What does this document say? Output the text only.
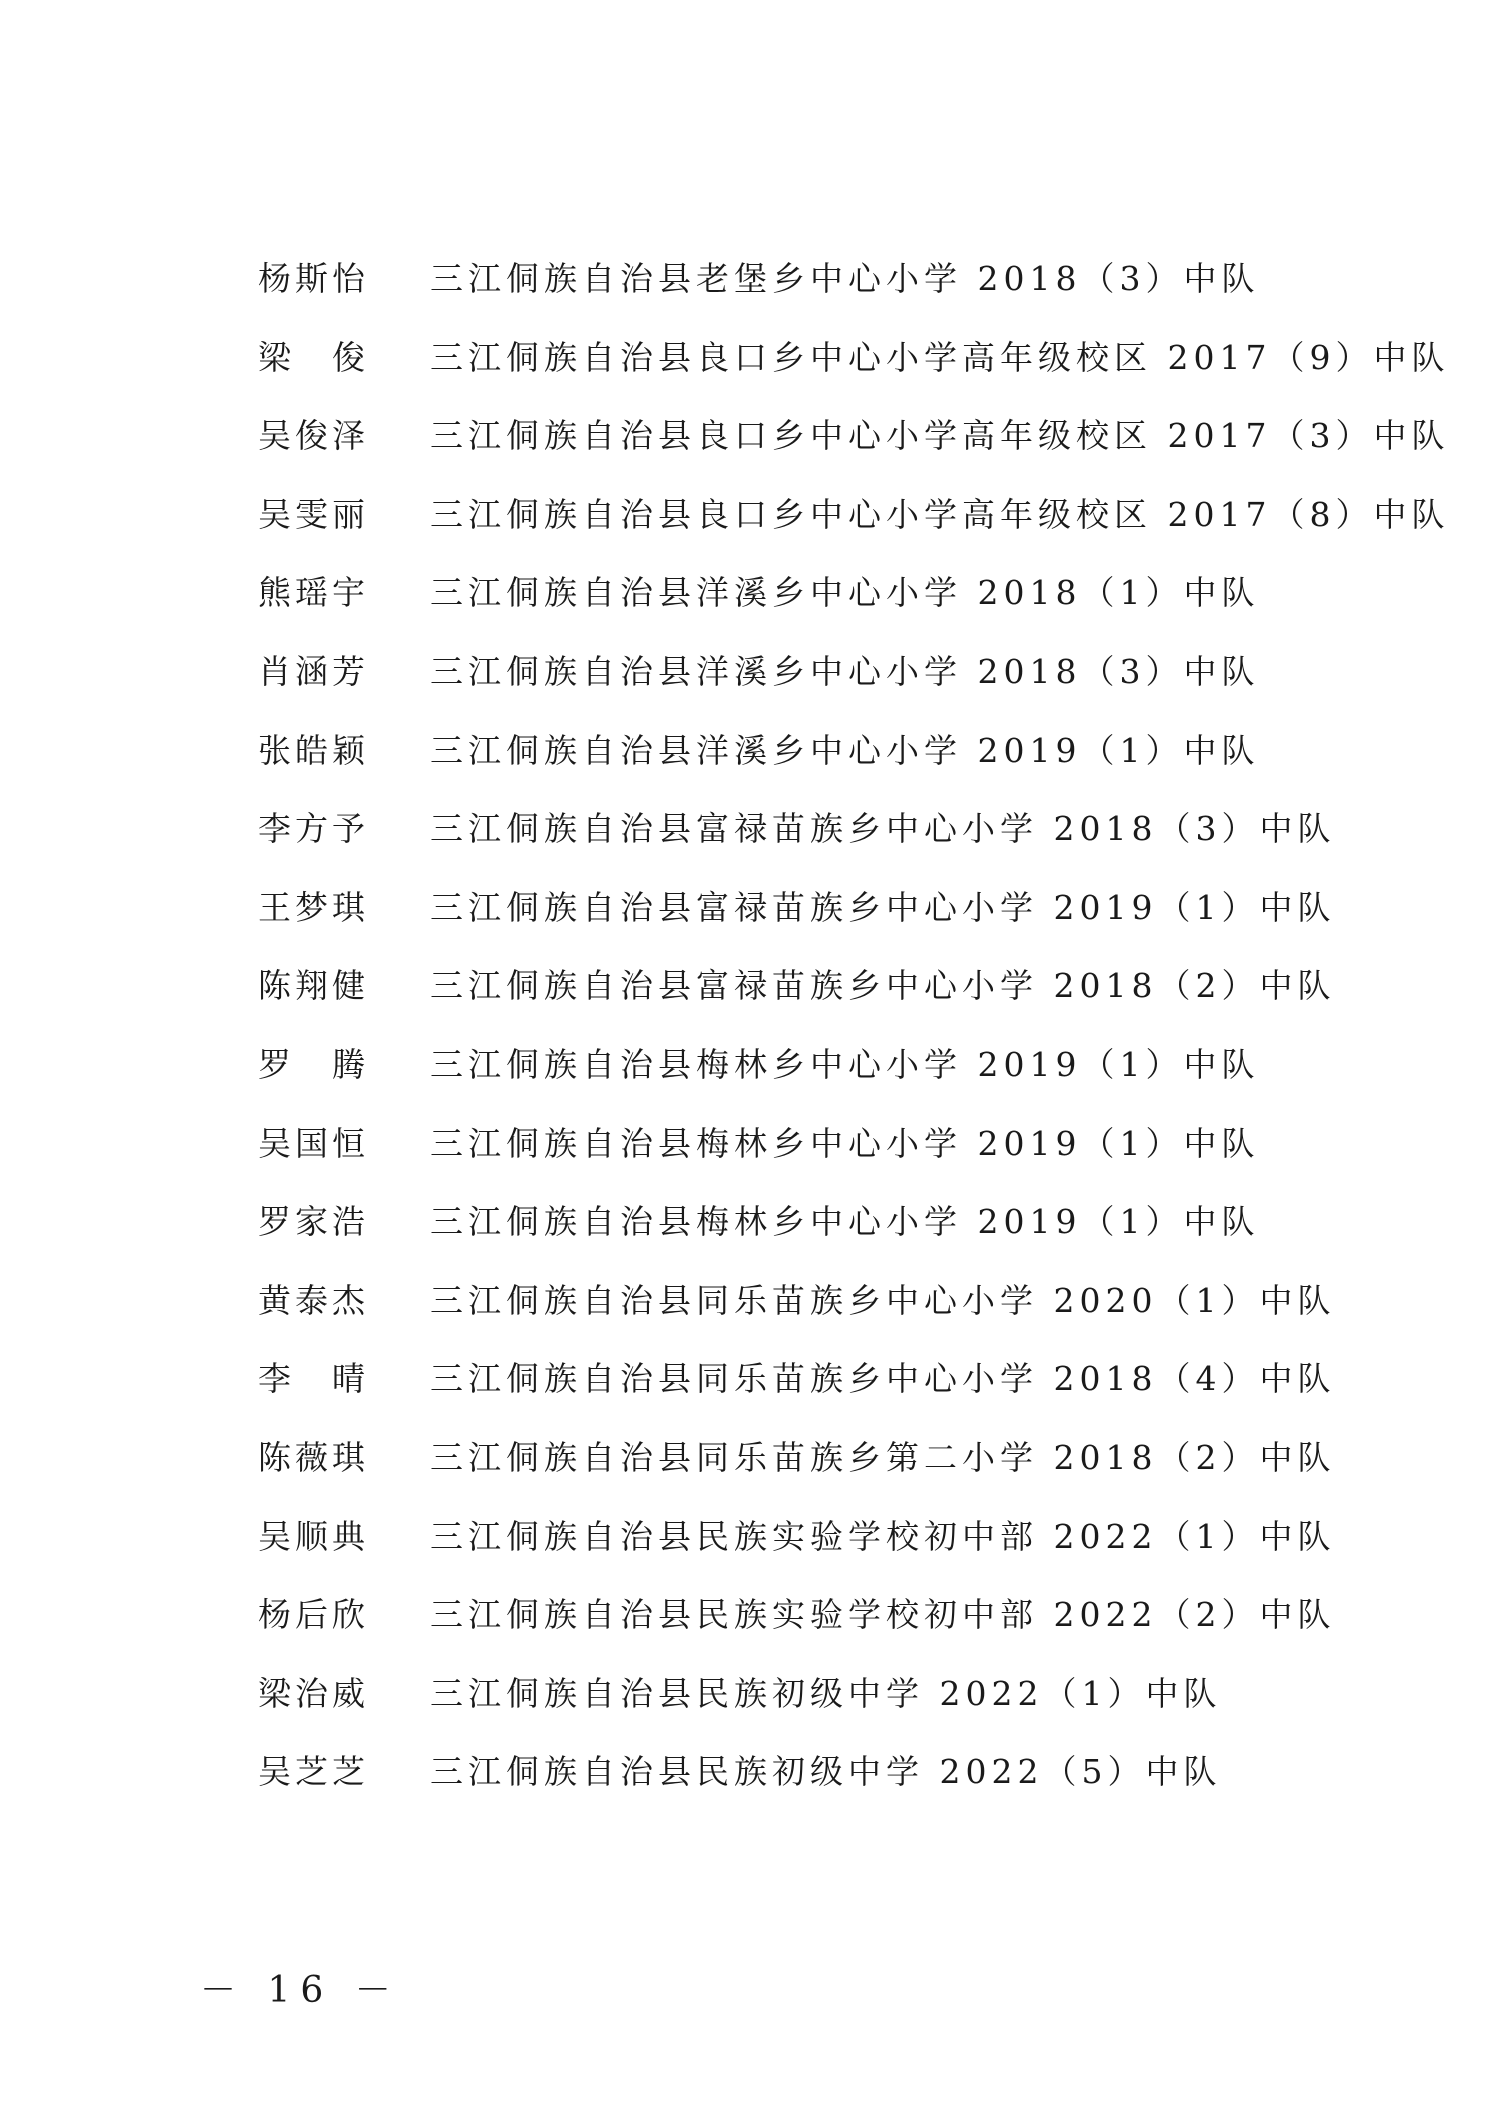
杨斯怡	三江侗族自治县老堡乡中心小学 2018（3）中队
梁　俊	三江侗族自治县良口乡中心小学高年级校区 2017（9）中队
吴俊泽	三江侗族自治县良口乡中心小学高年级校区 2017（3）中队
吴雯丽	三江侗族自治县良口乡中心小学高年级校区 2017（8）中队
熊瑶宇	三江侗族自治县洋溪乡中心小学 2018（1）中队
肖涵芳	三江侗族自治县洋溪乡中心小学 2018（3）中队
张皓颖	三江侗族自治县洋溪乡中心小学 2019（1）中队
李方予	三江侗族自治县富禄苗族乡中心小学 2018（3）中队
王梦琪	三江侗族自治县富禄苗族乡中心小学 2019（1）中队
陈翔健	三江侗族自治县富禄苗族乡中心小学 2018（2）中队
罗　腾	三江侗族自治县梅林乡中心小学 2019（1）中队
吴国恒	三江侗族自治县梅林乡中心小学 2019（1）中队
罗家浩	三江侗族自治县梅林乡中心小学 2019（1）中队
黄泰杰	三江侗族自治县同乐苗族乡中心小学 2020（1）中队
李　晴	三江侗族自治县同乐苗族乡中心小学 2018（4）中队
陈薇琪	三江侗族自治县同乐苗族乡第二小学 2018（2）中队
吴顺典	三江侗族自治县民族实验学校初中部 2022（1）中队
杨后欣	三江侗族自治县民族实验学校初中部 2022（2）中队
梁治威	三江侗族自治县民族初级中学 2022（1）中队
吴芝芝	三江侗族自治县民族初级中学 2022（5）中队
－ 16 －
